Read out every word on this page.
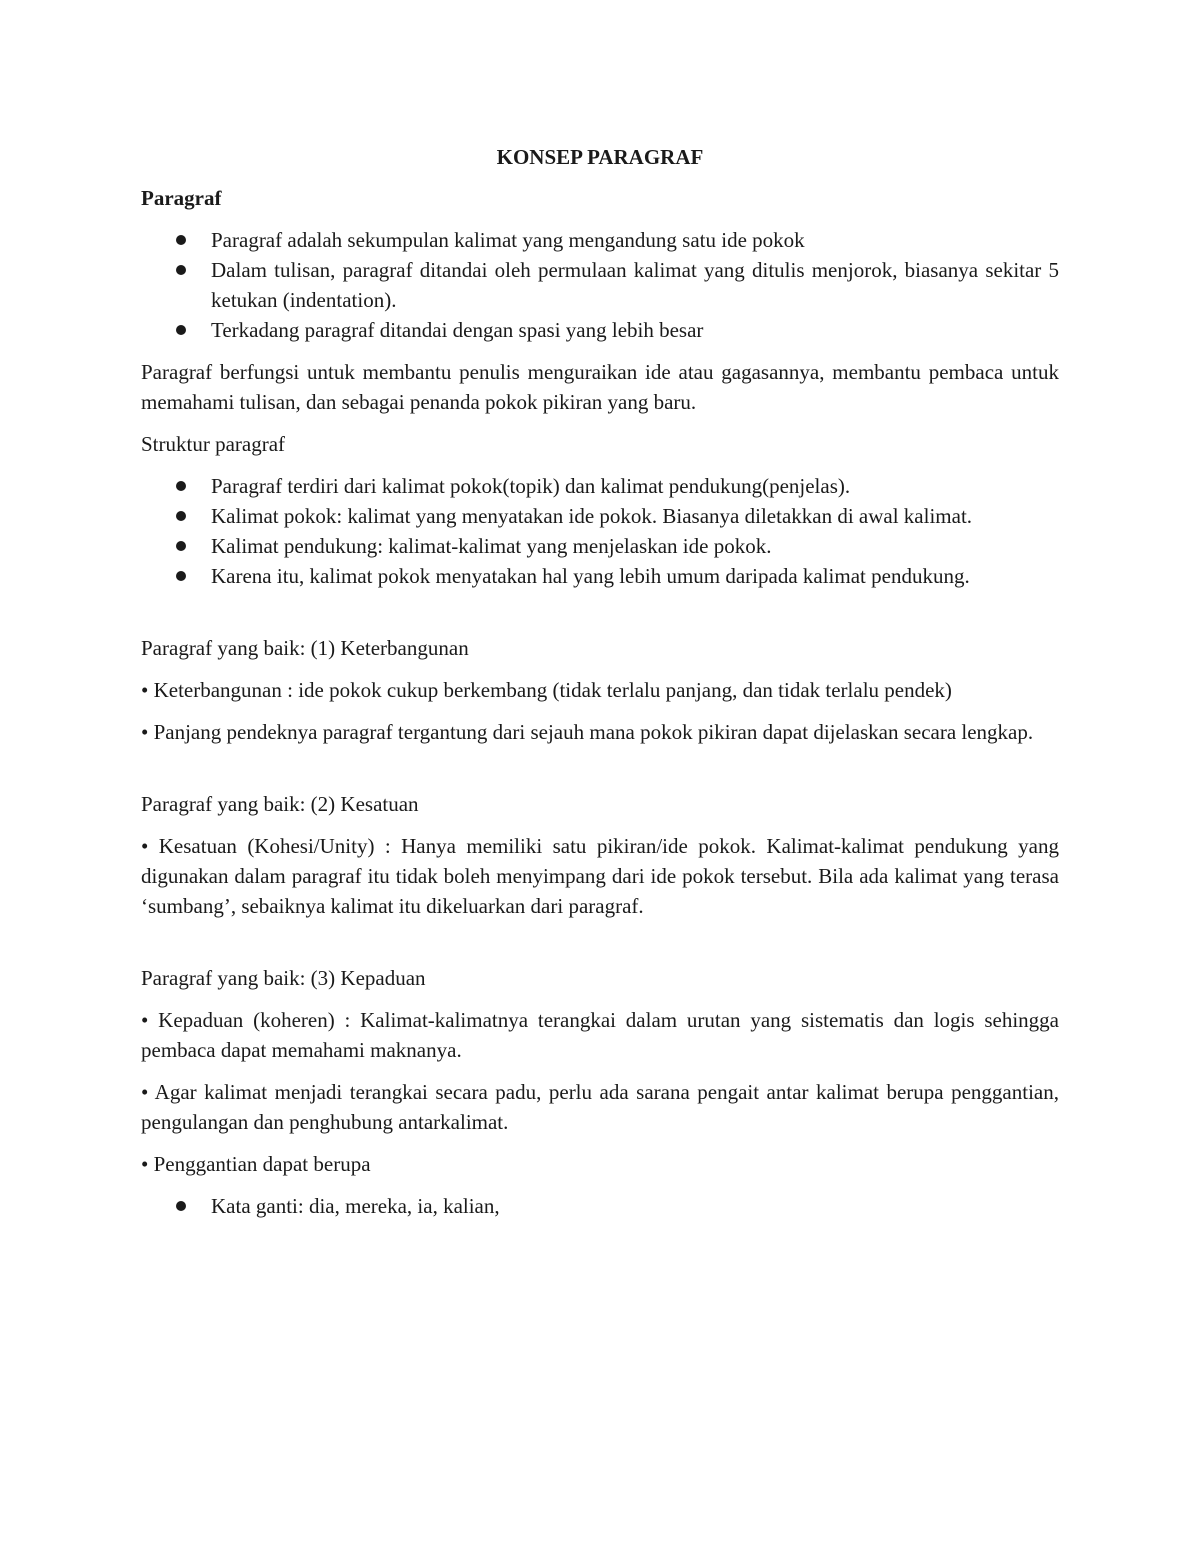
KONSEP PARAGRAF
Paragraf
Paragraf adalah sekumpulan kalimat yang mengandung satu ide pokok
Dalam tulisan, paragraf ditandai oleh permulaan kalimat yang ditulis menjorok, biasanya sekitar 5 ketukan (indentation).
Terkadang paragraf ditandai dengan spasi yang lebih besar

Paragraf berfungsi untuk membantu penulis menguraikan ide atau gagasannya, membantu pembaca untuk memahami tulisan, dan sebagai penanda pokok pikiran yang baru.

Struktur paragraf

Paragraf terdiri dari kalimat pokok(topik) dan kalimat pendukung(penjelas).
Kalimat pokok: kalimat yang menyatakan ide pokok. Biasanya diletakkan di awal kalimat.
Kalimat pendukung: kalimat-kalimat yang menjelaskan ide pokok.
Karena itu, kalimat pokok menyatakan hal yang lebih umum daripada kalimat pendukung.

Paragraf yang baik: (1) Keterbangunan

• Keterbangunan : ide pokok cukup berkembang (tidak terlalu panjang, dan tidak terlalu pendek)

• Panjang pendeknya paragraf tergantung dari sejauh mana pokok pikiran dapat dijelaskan secara lengkap.

Paragraf yang baik: (2) Kesatuan

• Kesatuan (Kohesi/Unity) : Hanya memiliki satu pikiran/ide pokok. Kalimat-kalimat pendukung yang digunakan dalam paragraf itu tidak boleh menyimpang dari ide pokok tersebut. Bila ada kalimat yang terasa ‘sumbang’, sebaiknya kalimat itu dikeluarkan dari paragraf.

Paragraf yang baik: (3) Kepaduan

• Kepaduan (koheren) : Kalimat-kalimatnya terangkai dalam urutan yang sistematis dan logis sehingga pembaca dapat memahami maknanya.

• Agar kalimat menjadi terangkai secara padu, perlu ada sarana pengait antar kalimat berupa penggantian, pengulangan dan penghubung antarkalimat.

• Penggantian dapat berupa

Kata ganti: dia, mereka, ia, kalian,
